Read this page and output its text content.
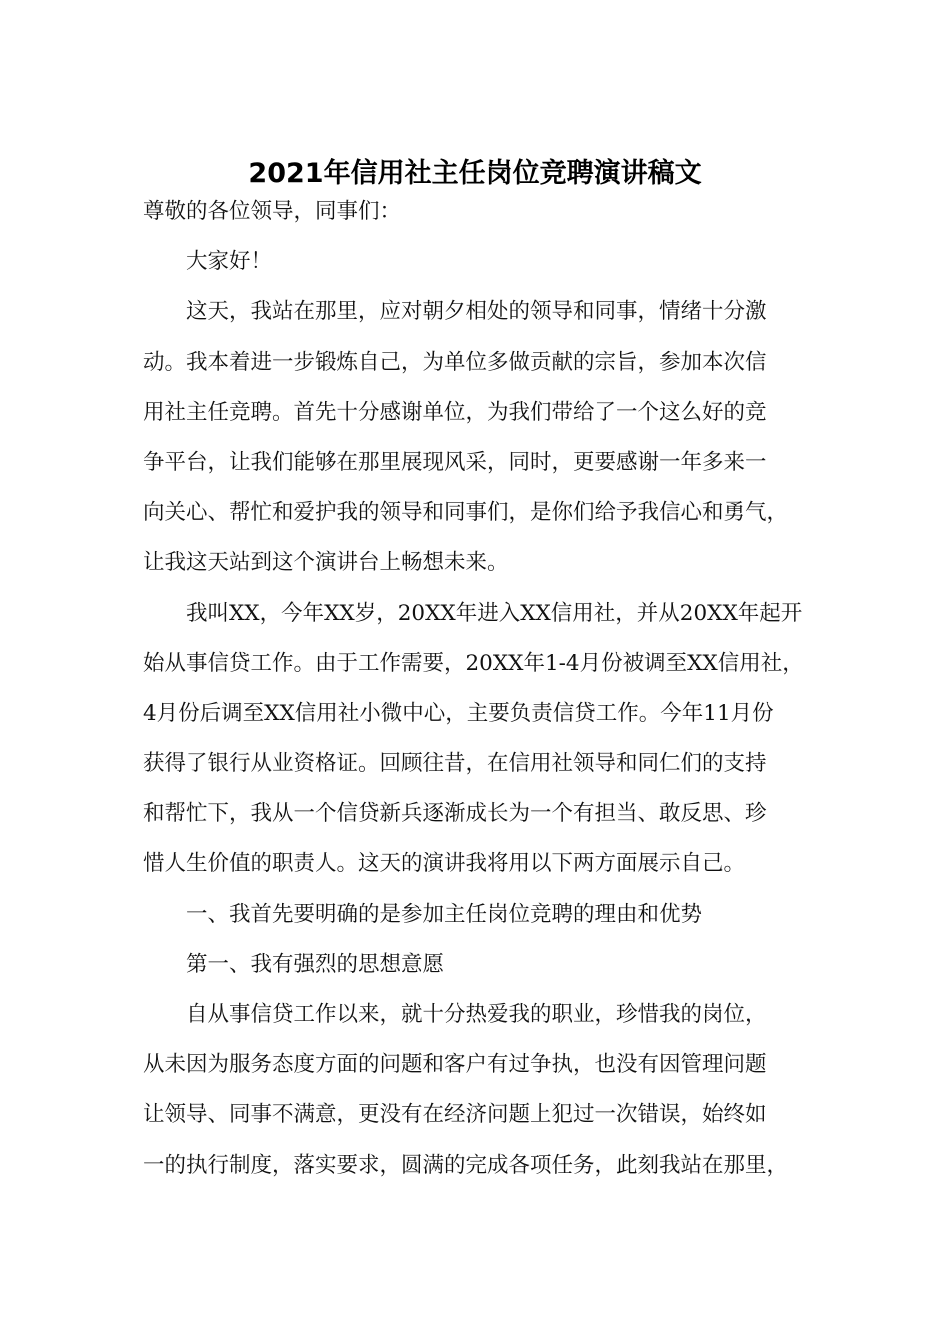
2021年信用社主任岗位竞聘演讲稿文
尊敬的各位领导，同事们：
大家好！
这天，我站在那里，应对朝夕相处的领导和同事，情绪十分激
动。我本着进一步锻炼自己，为单位多做贡献的宗旨，参加本次信
用社主任竞聘。首先十分感谢单位，为我们带给了一个这么好的竞
争平台，让我们能够在那里展现风采，同时，更要感谢一年多来一
向关心、帮忙和爱护我的领导和同事们，是你们给予我信心和勇气，
让我这天站到这个演讲台上畅想未来。
我叫XX，今年XX岁，20XX年进入XX信用社，并从20XX年起开
始从事信贷工作。由于工作需要，20XX年1-4月份被调至XX信用社，
4月份后调至XX信用社小微中心，主要负责信贷工作。今年11月份
获得了银行从业资格证。回顾往昔，在信用社领导和同仁们的支持
和帮忙下，我从一个信贷新兵逐渐成长为一个有担当、敢反思、珍
惜人生价值的职责人。这天的演讲我将用以下两方面展示自己。
一、我首先要明确的是参加主任岗位竞聘的理由和优势
第一、我有强烈的思想意愿
自从事信贷工作以来，就十分热爱我的职业，珍惜我的岗位，
从未因为服务态度方面的问题和客户有过争执，也没有因管理问题
让领导、同事不满意，更没有在经济问题上犯过一次错误，始终如
一的执行制度，落实要求，圆满的完成各项任务，此刻我站在那里，
